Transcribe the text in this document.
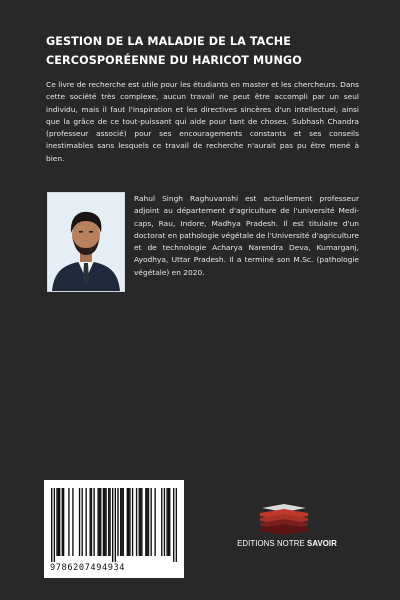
GESTION DE LA MALADIE DE LA TACHE
CERCOSPORÉENNE DU HARICOT MUNGO

Ce livre de recherche est utile pour les étudiants en master et les chercheurs. Dans cette société très complexe, aucun travail ne peut être accompli par un seul individu, mais il faut l'inspiration et les directives sincères d'un intellectuel, ainsi que la grâce de ce tout-puissant qui aide pour tant de choses. Subhash Chandra (professeur associé) pour ses encouragements constants et ses conseils inestimables sans lesquels ce travail de recherche n'aurait pas pu être mené à bien.

Rahul Singh Raghuvanshi est actuellement professeur adjoint au département d'agriculture de l'université Medi-caps, Rau, Indore, Madhya Pradesh. Il est titulaire d'un doctorat en pathologie végétale de l'Université d'agriculture et de technologie Acharya Narendra Deva, Kumarganj, Ayodhya, Uttar Pradesh. Il a terminé son M.Sc. (pathologie végétale) en 2020.

9786207494934
EDITIONS NOTRE SAVOIR
